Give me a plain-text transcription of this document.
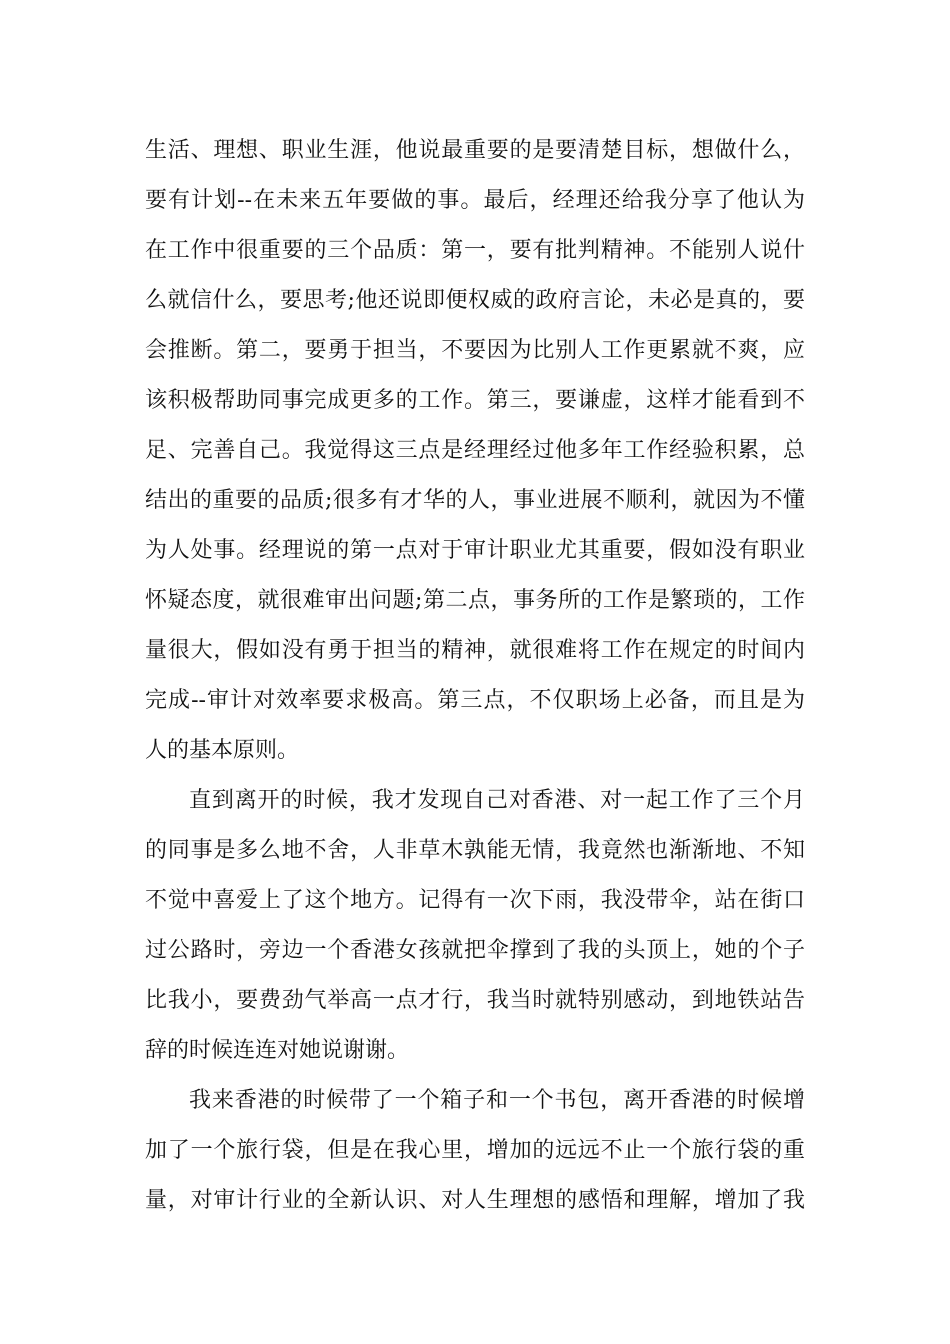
生活、理想、职业生涯，他说最重要的是要清楚目标，想做什么，
要有计划--在未来五年要做的事。最后，经理还给我分享了他认为
在工作中很重要的三个品质：第一，要有批判精神。不能别人说什
么就信什么，要思考;他还说即便权威的政府言论，未必是真的，要
会推断。第二，要勇于担当，不要因为比别人工作更累就不爽，应
该积极帮助同事完成更多的工作。第三，要谦虚，这样才能看到不
足、完善自己。我觉得这三点是经理经过他多年工作经验积累，总
结出的重要的品质;很多有才华的人，事业进展不顺利，就因为不懂
为人处事。经理说的第一点对于审计职业尤其重要，假如没有职业
怀疑态度，就很难审出问题;第二点，事务所的工作是繁琐的，工作
量很大，假如没有勇于担当的精神，就很难将工作在规定的时间内
完成--审计对效率要求极高。第三点，不仅职场上必备，而且是为
人的基本原则。
直到离开的时候，我才发现自己对香港、对一起工作了三个月
的同事是多么地不舍，人非草木孰能无情，我竟然也渐渐地、不知
不觉中喜爱上了这个地方。记得有一次下雨，我没带伞，站在街口
过公路时，旁边一个香港女孩就把伞撑到了我的头顶上，她的个子
比我小，要费劲气举高一点才行，我当时就特别感动，到地铁站告
辞的时候连连对她说谢谢。
我来香港的时候带了一个箱子和一个书包，离开香港的时候增
加了一个旅行袋，但是在我心里，增加的远远不止一个旅行袋的重
量，对审计行业的全新认识、对人生理想的感悟和理解，增加了我
